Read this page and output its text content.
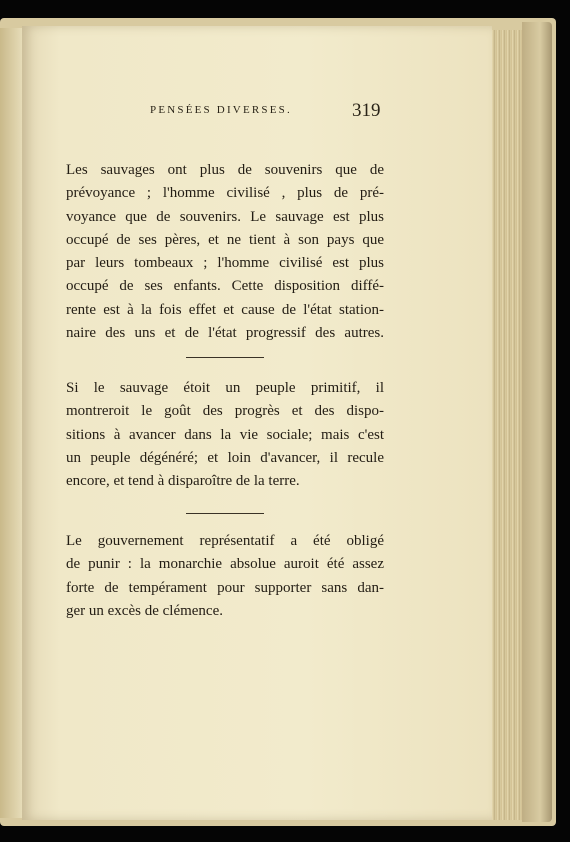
PENSÉES DIVERSES.	319
Les sauvages ont plus de souvenirs que de
prévoyance ; l'homme civilisé , plus de pré-
voyance que de souvenirs. Le sauvage est plus
occupé de ses pères, et ne tient à son pays que
par leurs tombeaux ; l'homme civilisé est plus
occupé de ses enfants. Cette disposition diffé-
rente est à la fois effet et cause de l'état station-
naire des uns et de l'état progressif des autres.
Si le sauvage étoit un peuple primitif, il
montreroit le goût des progrès et des dispo-
sitions à avancer dans la vie sociale; mais c'est
un peuple dégénéré; et loin d'avancer, il recule
encore, et tend à disparoître de la terre.
Le gouvernement représentatif a été obligé
de punir : la monarchie absolue auroit été assez
forte de tempérament pour supporter sans dan-
ger un excès de clémence.
